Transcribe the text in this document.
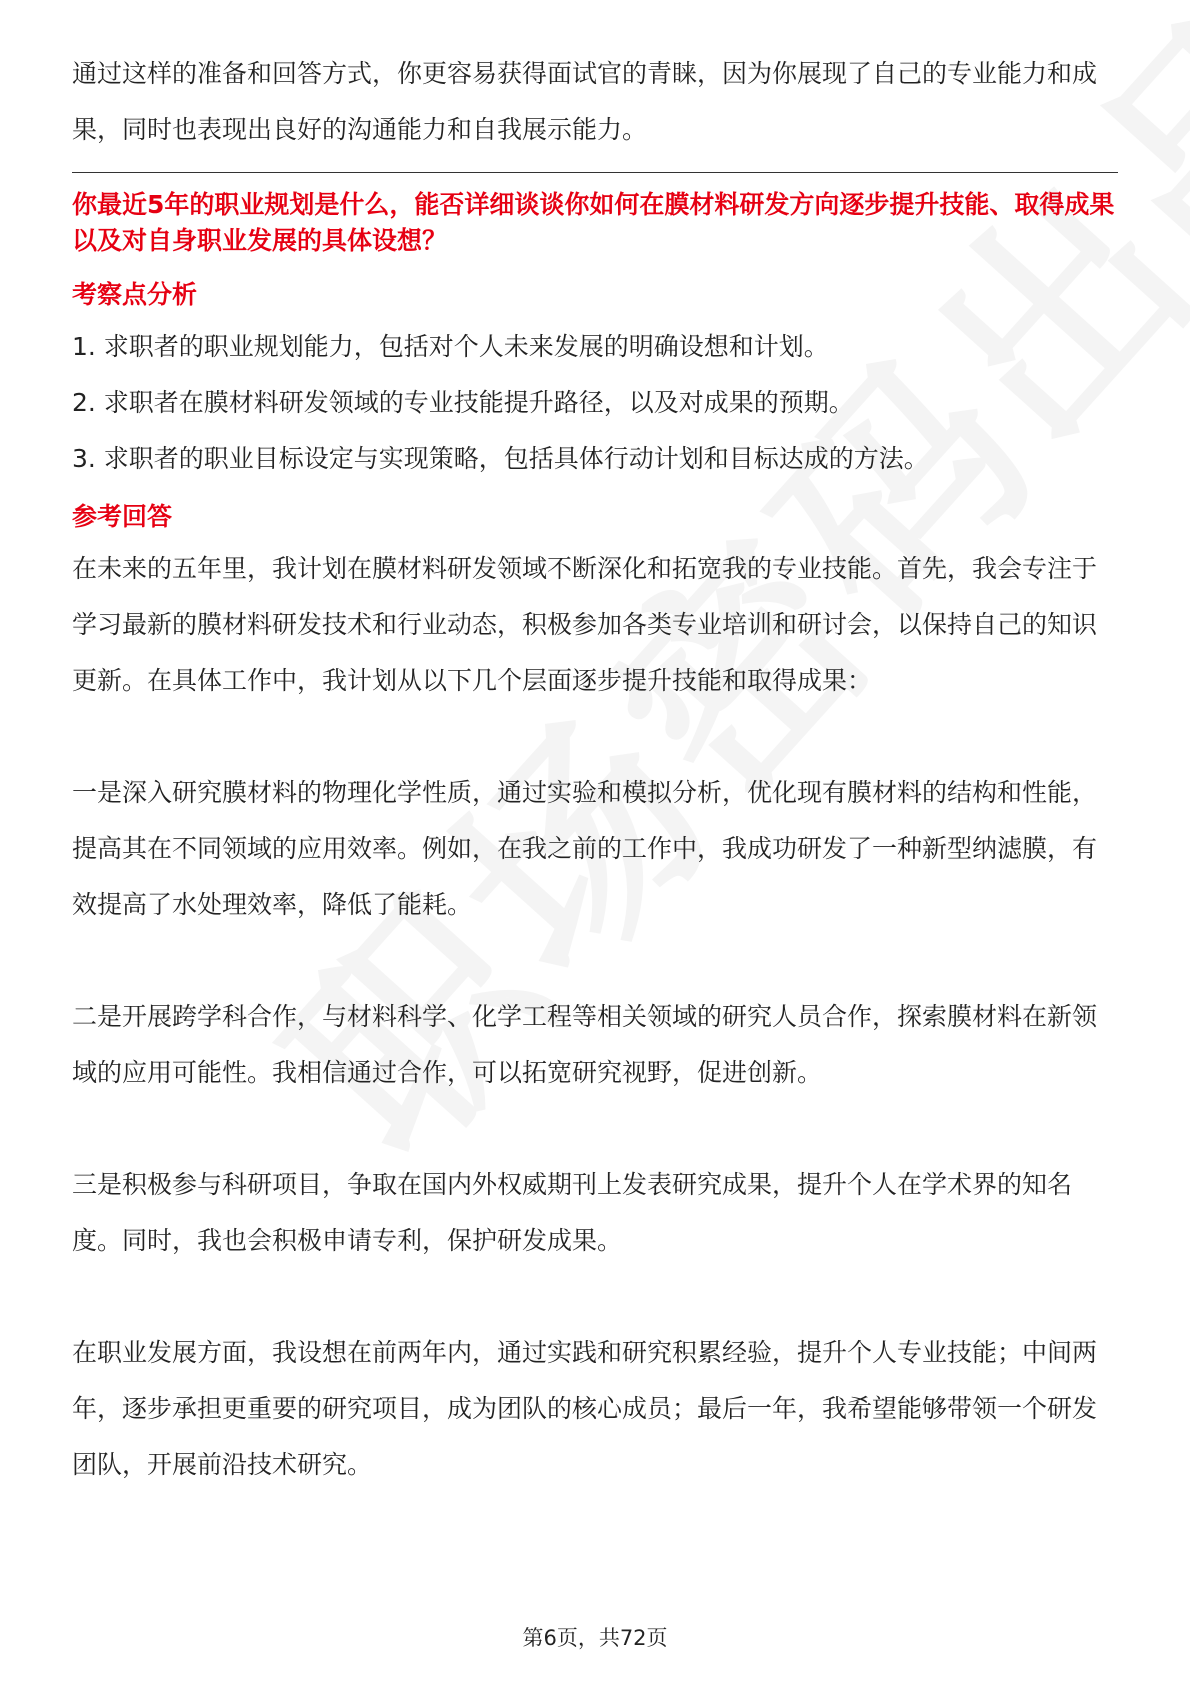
通过这样的准备和回答方式，你更容易获得面试官的青睐，因为你展现了自己的专业能力和成果，同时也表现出良好的沟通能力和自我展示能力。

你最近5年的职业规划是什么，能否详细谈谈你如何在膜材料研发方向逐步提升技能、取得成果以及对自身职业发展的具体设想？

考察点分析

1. 求职者的职业规划能力，包括对个人未来发展的明确设想和计划。

2. 求职者在膜材料研发领域的专业技能提升路径，以及对成果的预期。

3. 求职者的职业目标设定与实现策略，包括具体行动计划和目标达成的方法。

参考回答

在未来的五年里，我计划在膜材料研发领域不断深化和拓宽我的专业技能。首先，我会专注于学习最新的膜材料研发技术和行业动态，积极参加各类专业培训和研讨会，以保持自己的知识更新。在具体工作中，我计划从以下几个层面逐步提升技能和取得成果：

一是深入研究膜材料的物理化学性质，通过实验和模拟分析，优化现有膜材料的结构和性能，提高其在不同领域的应用效率。例如，在我之前的工作中，我成功研发了一种新型纳滤膜，有效提高了水处理效率，降低了能耗。

二是开展跨学科合作，与材料科学、化学工程等相关领域的研究人员合作，探索膜材料在新领域的应用可能性。我相信通过合作，可以拓宽研究视野，促进创新。

三是积极参与科研项目，争取在国内外权威期刊上发表研究成果，提升个人在学术界的知名度。同时，我也会积极申请专利，保护研发成果。

在职业发展方面，我设想在前两年内，通过实践和研究积累经验，提升个人专业技能；中间两年，逐步承担更重要的研究项目，成为团队的核心成员；最后一年，我希望能够带领一个研发团队，开展前沿技术研究。

第6页，共72页
